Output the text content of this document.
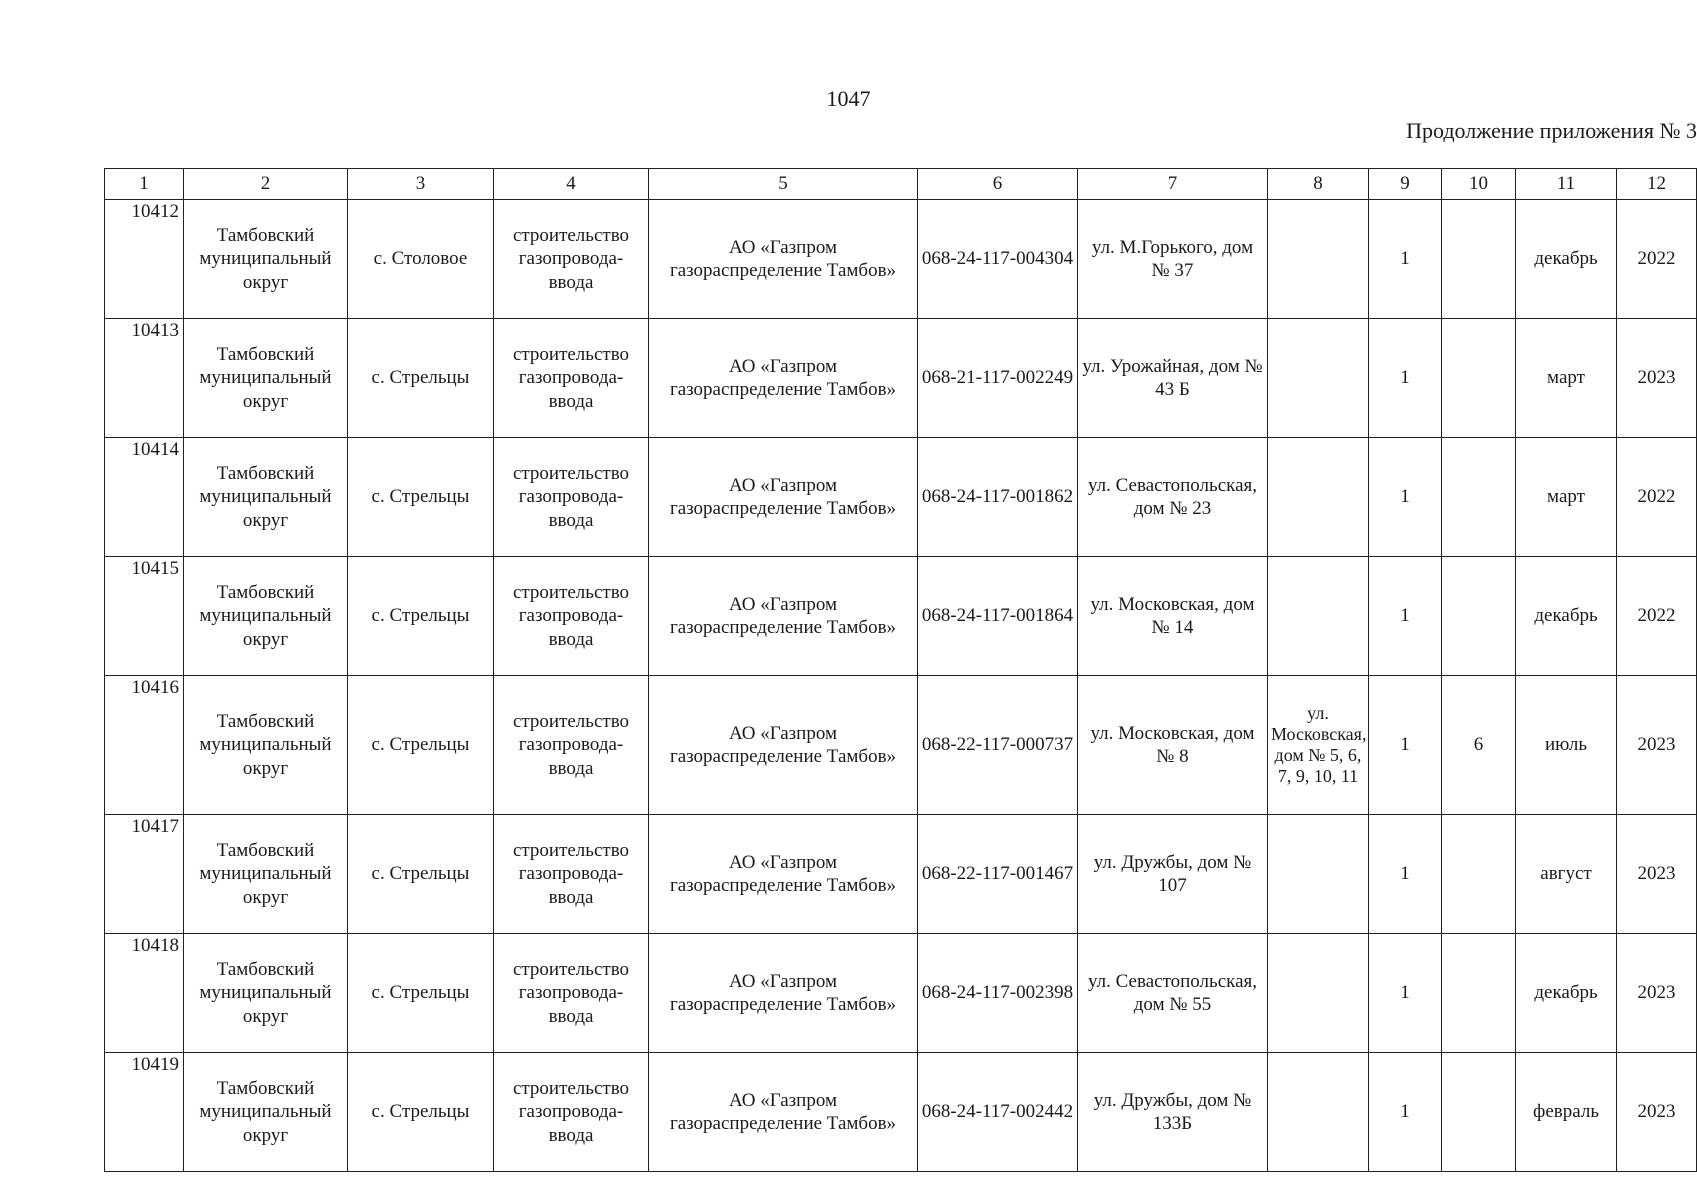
1047
Продолжение приложения № 3
1	2	3	4	5	6	7	8	9	10	11	12
10412	Тамбовский муниципальный округ	с. Столовое	строительство газопровода-ввода	АО «Газпром газораспределение Тамбов»	068-24-117-004304	ул. М.Горького, дом № 37		1		декабрь	2022
10413	Тамбовский муниципальный округ	с. Стрельцы	строительство газопровода-ввода	АО «Газпром газораспределение Тамбов»	068-21-117-002249	ул. Урожайная, дом № 43 Б		1		март	2023
10414	Тамбовский муниципальный округ	с. Стрельцы	строительство газопровода-ввода	АО «Газпром газораспределение Тамбов»	068-24-117-001862	ул. Севастопольская, дом № 23		1		март	2022
10415	Тамбовский муниципальный округ	с. Стрельцы	строительство газопровода-ввода	АО «Газпром газораспределение Тамбов»	068-24-117-001864	ул. Московская, дом № 14		1		декабрь	2022
10416	Тамбовский муниципальный округ	с. Стрельцы	строительство газопровода-ввода	АО «Газпром газораспределение Тамбов»	068-22-117-000737	ул. Московская, дом № 8	ул. Московская, дом № 5, 6, 7, 9, 10, 11	1	6	июль	2023
10417	Тамбовский муниципальный округ	с. Стрельцы	строительство газопровода-ввода	АО «Газпром газораспределение Тамбов»	068-22-117-001467	ул. Дружбы, дом № 107		1		август	2023
10418	Тамбовский муниципальный округ	с. Стрельцы	строительство газопровода-ввода	АО «Газпром газораспределение Тамбов»	068-24-117-002398	ул. Севастопольская, дом № 55		1		декабрь	2023
10419	Тамбовский муниципальный округ	с. Стрельцы	строительство газопровода-ввода	АО «Газпром газораспределение Тамбов»	068-24-117-002442	ул. Дружбы, дом № 133Б		1		февраль	2023
